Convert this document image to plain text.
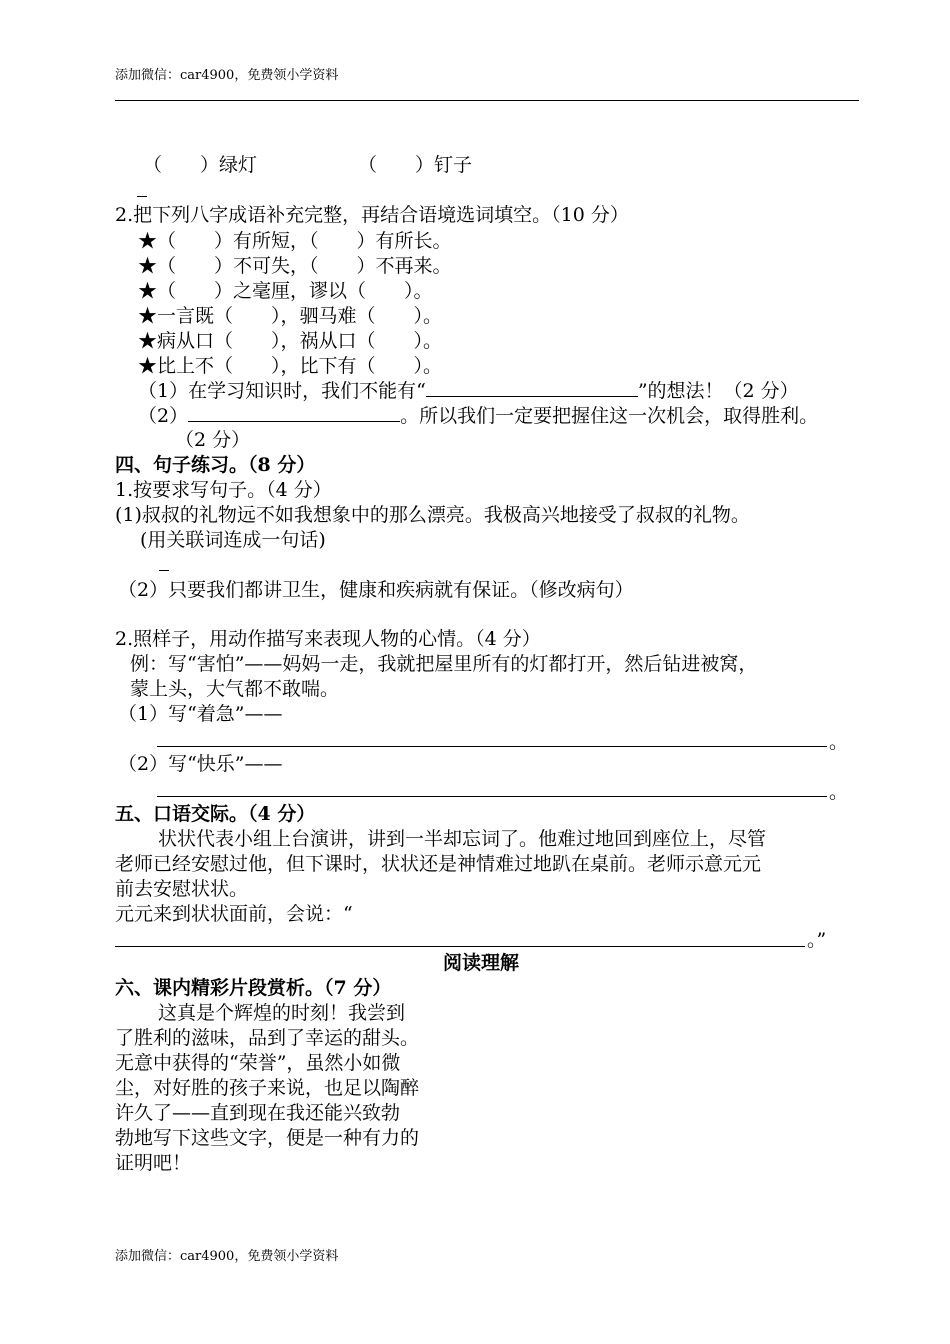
添加微信：car4900，免费领小学资料
（　　）绿灯	（　　）钉子
2.把下列八字成语补充完整，再结合语境选词填空。（10 分）
★（　　）有所短，（　　）有所长。
★（　　）不可失，（　　）不再来。
★（　　）之毫厘，谬以（　　）。
★一言既（　　），驷马难（　　）。
★病从口（　　），祸从口（　　）。
★比上不（　　），比下有（　　）。
（1）在学习知识时，我们不能有“	”的想法！（2 分）
（2）	。所以我们一定要把握住这一次机会，取得胜利。
（2 分）
四、句子练习。（8 分）
1.按要求写句子。（4 分）
(1)叔叔的礼物远不如我想象中的那么漂亮。我极高兴地接受了叔叔的礼物。
(用关联词连成一句话)
（2）只要我们都讲卫生，健康和疾病就有保证。（修改病句）
2.照样子，用动作描写来表现人物的心情。（4 分）
例：写“害怕”——妈妈一走，我就把屋里所有的灯都打开，然后钻进被窝，
蒙上头，大气都不敢喘。
（1）写“着急”——
。
（2）写“快乐”——
。
五、口语交际。（4 分）
状状代表小组上台演讲，讲到一半却忘词了。他难过地回到座位上，尽管
老师已经安慰过他，但下课时，状状还是神情难过地趴在桌前。老师示意元元
前去安慰状状。
元元来到状状面前，会说：“
。”
阅读理解
六、课内精彩片段赏析。（7 分）
这真是个辉煌的时刻！我尝到
了胜利的滋味，品到了幸运的甜头。
无意中获得的“荣誉”，虽然小如微
尘，对好胜的孩子来说，也足以陶醉
许久了——直到现在我还能兴致勃
勃地写下这些文字，便是一种有力的
证明吧！
添加微信：car4900，免费领小学资料
